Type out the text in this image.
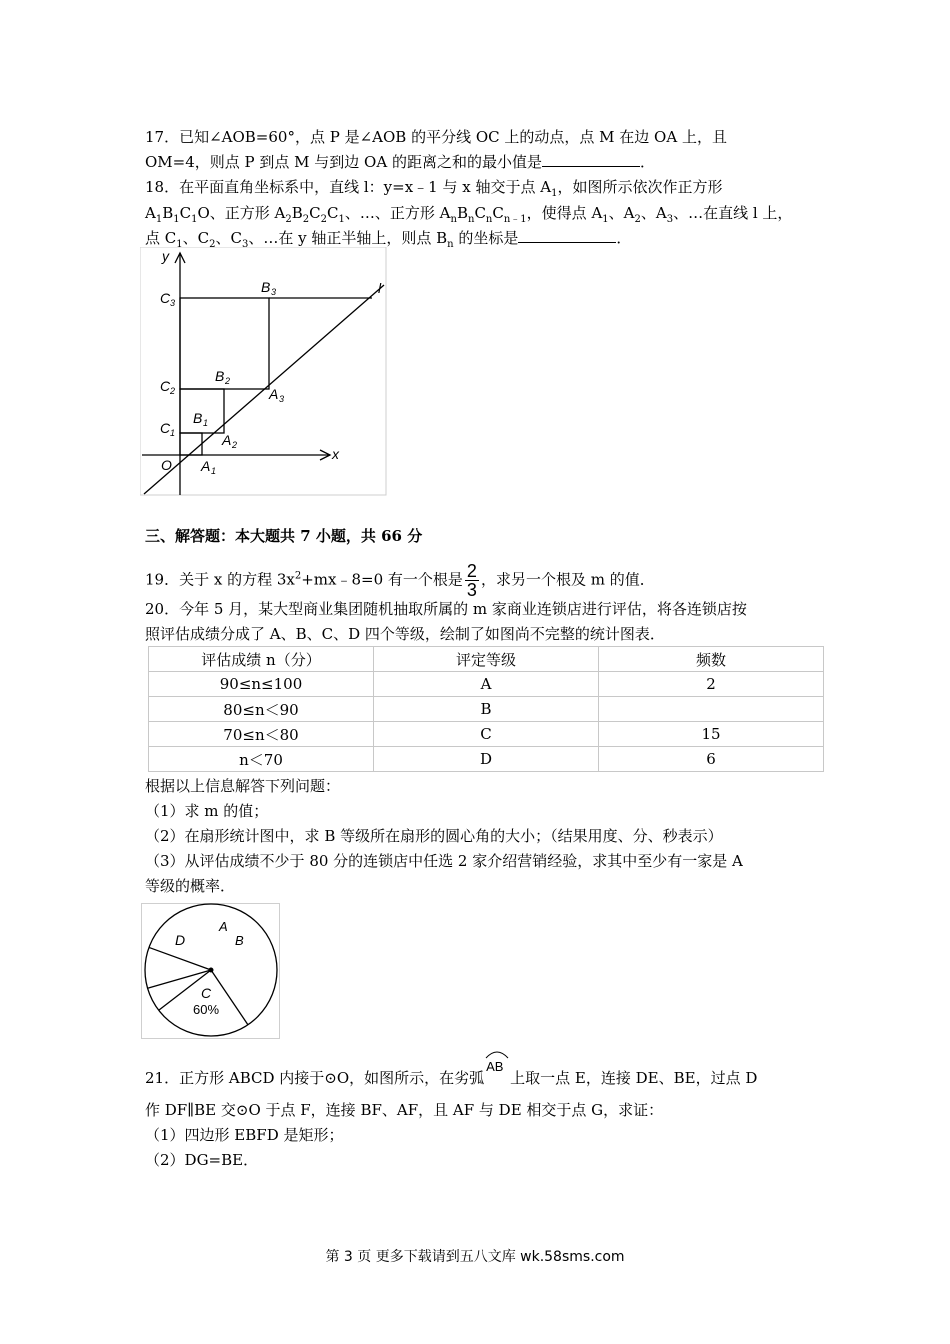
17．已知∠AOB=60°，点 P 是∠AOB 的平分线 OC 上的动点，点 M 在边 OA 上，且
OM=4，则点 P 到点 M 与到边 OA 的距离之和的最小值是	．
18．在平面直角坐标系中，直线 l：y=x﹣1 与 x 轴交于点 $A_1$，如图所示依次作正方形
$A_1B_1C_1O$、正方形 $A_2B_2C_2C_1$、…、正方形 $A_nB_nC_nC_{n﹣1}$，使得点 $A_1$、$A_2$、$A_3$、…在直线 l 上，
点 $C_1$、$C_2$、$C_3$、…在 y 轴正半轴上，则点 $B_n$ 的坐标是	．
y
x
l
O
C 1
C 2
C 3
B 1
B 2
B 3
A 1
A 2
A 3
三、解答题：本大题共 7 小题，共 66 分
19．关于 x 的方程 $3x^2+mx﹣8=0$ 有一个根是 $\frac{2}{3}$ ，求另一个根及 m 的值．
20．今年 5 月，某大型商业集团随机抽取所属的 m 家商业连锁店进行评估，将各连锁店按
照评估成绩分成了 A、B、C、D 四个等级，绘制了如图尚不完整的统计图表．
评估成绩 n（分）	评定等级	频数
90≤n≤100	A	2
80≤n＜90	B	
70≤n＜80	C	15
n＜70	D	6
根据以上信息解答下列问题：
（1）求 m 的值；
（2）在扇形统计图中，求 B 等级所在扇形的圆心角的大小；（结果用度、分、秒表示）
（3）从评估成绩不少于 80 分的连锁店中任选 2 家介绍营销经验，求其中至少有一家是 A
等级的概率．
D
A
B
C
60%
21．正方形 ABCD 内接于⊙O，如图所示，在劣弧
AB
上取一点 E，连接 DE、BE，过点 D
作 DF∥BE 交⊙O 于点 F，连接 BF、AF，且 AF 与 DE 相交于点 G，求证：
（1）四边形 EBFD 是矩形；
（2）DG=BE．
第 3 页 更多下载请到五八文库 wk.58sms.com
